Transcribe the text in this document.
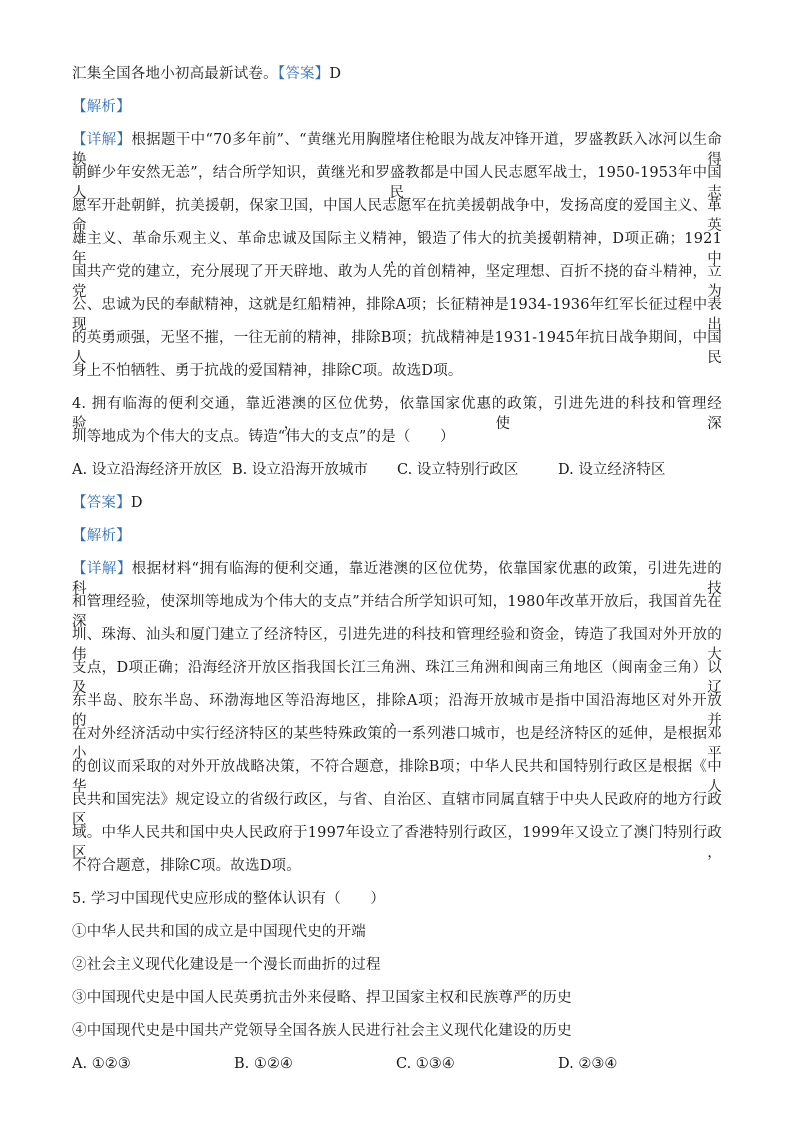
汇集全国各地小初高最新试卷。【答案】D
【解析】
【详解】根据题干中“70多年前”、“黄继光用胸膛堵住枪眼为战友冲锋开道，罗盛教跃入冰河以生命换得
朝鲜少年安然无恙”，结合所学知识，黄继光和罗盛教都是中国人民志愿军战士，1950-1953年中国人民志
愿军开赴朝鲜，抗美援朝，保家卫国，中国人民志愿军在抗美援朝战争中，发扬高度的爱国主义、革命英
雄主义、革命乐观主义、革命忠诚及国际主义精神，锻造了伟大的抗美援朝精神，D项正确；1921年，中
国共产党的建立，充分展现了开天辟地、敢为人先的首创精神，坚定理想、百折不挠的奋斗精神，立党为
公、忠诚为民的奉献精神，这就是红船精神，排除A项；长征精神是1934-1936年红军长征过程中表现出
的英勇顽强，无坚不摧，一往无前的精神，排除B项；抗战精神是1931-1945年抗日战争期间，中国人民
身上不怕牺牲、勇于抗战的爱国精神，排除C项。故选D项。
4. 拥有临海的便利交通，靠近港澳的区位优势，依靠国家优惠的政策，引进先进的科技和管理经验，使深
圳等地成为个伟大的支点。铸造“伟大的支点”的是（　　）
A. 设立沿海经济开放区 B. 设立沿海开放城市 C. 设立特别行政区	D. 设立经济特区
【答案】D
【解析】
【详解】根据材料“拥有临海的便利交通，靠近港澳的区位优势，依靠国家优惠的政策，引进先进的科技
和管理经验，使深圳等地成为个伟大的支点”并结合所学知识可知，1980年改革开放后，我国首先在深
圳、珠海、汕头和厦门建立了经济特区，引进先进的科技和管理经验和资金，铸造了我国对外开放的伟大
支点，D项正确；沿海经济开放区指我国长江三角洲、珠江三角洲和闽南三角地区（闽南金三角）以及辽
东半岛、胶东半岛、环渤海地区等沿海地区，排除A项；沿海开放城市是指中国沿海地区对外开放的、并
在对外经济活动中实行经济特区的某些特殊政策的一系列港口城市，也是经济特区的延伸，是根据邓小平
的创议而采取的对外开放战略决策，不符合题意，排除B项；中华人民共和国特别行政区是根据《中华人
民共和国宪法》规定设立的省级行政区，与省、自治区、直辖市同属直辖于中央人民政府的地方行政区
域。中华人民共和国中央人民政府于1997年设立了香港特别行政区，1999年又设立了澳门特别行政区，
不符合题意，排除C项。故选D项。
5. 学习中国现代史应形成的整体认识有（　　）
①中华人民共和国的成立是中国现代史的开端
②社会主义现代化建设是一个漫长而曲折的过程
③中国现代史是中国人民英勇抗击外来侵略、捍卫国家主权和民族尊严的历史
④中国现代史是中国共产党领导全国各族人民进行社会主义现代化建设的历史
A. ①②③	B. ①②④	C. ①③④	D. ②③④
